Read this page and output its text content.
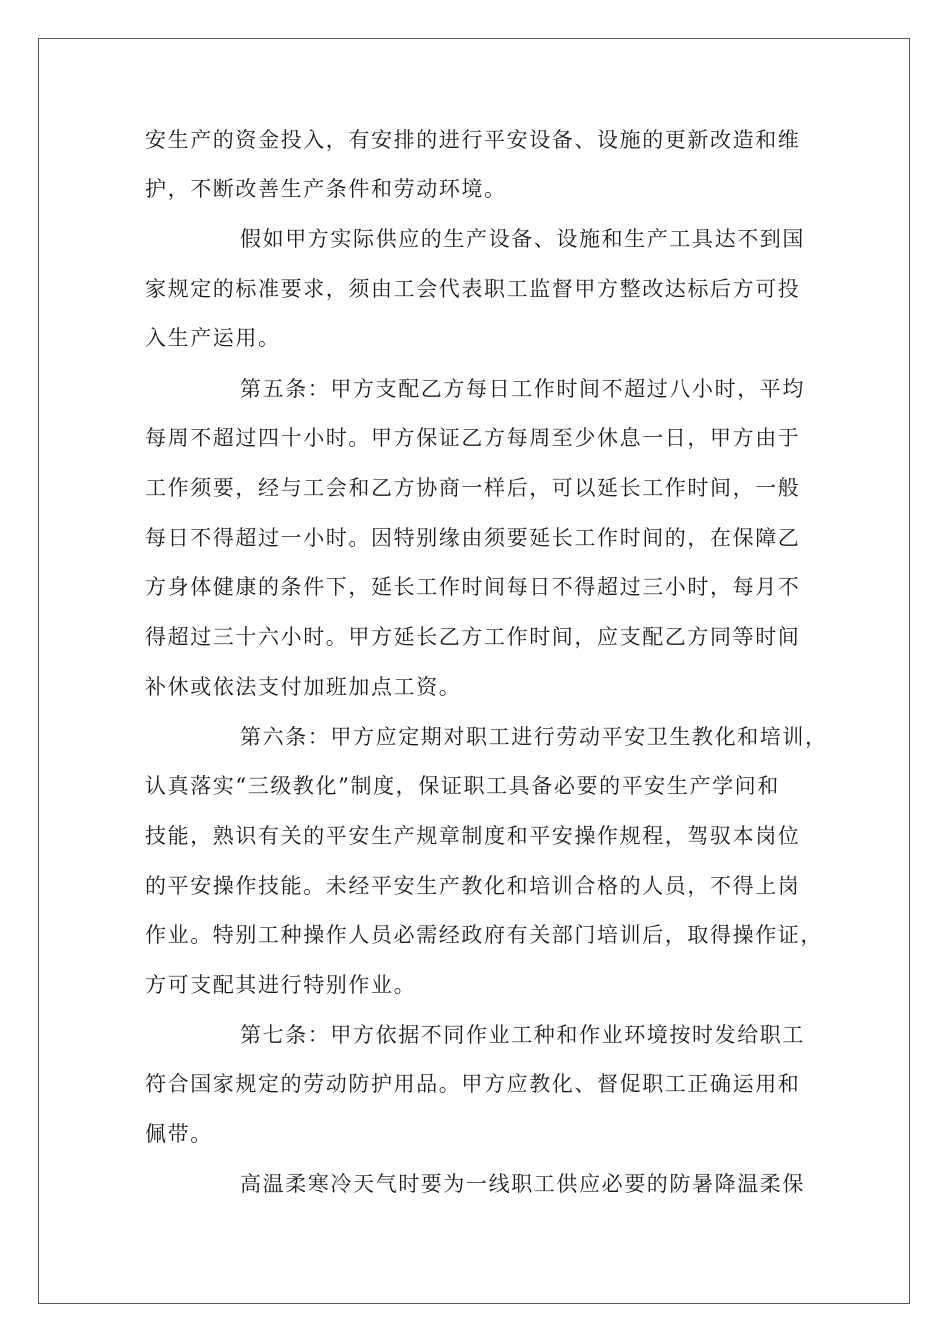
安生产的资金投入，有安排的进行平安设备、设施的更新改造和维
护，不断改善生产条件和劳动环境。
假如甲方实际供应的生产设备、设施和生产工具达不到国
家规定的标准要求，须由工会代表职工监督甲方整改达标后方可投
入生产运用。
第五条：甲方支配乙方每日工作时间不超过八小时，平均
每周不超过四十小时。甲方保证乙方每周至少休息一日，甲方由于
工作须要，经与工会和乙方协商一样后，可以延长工作时间，一般
每日不得超过一小时。因特别缘由须要延长工作时间的，在保障乙
方身体健康的条件下，延长工作时间每日不得超过三小时，每月不
得超过三十六小时。甲方延长乙方工作时间，应支配乙方同等时间
补休或依法支付加班加点工资。
第六条：甲方应定期对职工进行劳动平安卫生教化和培训，
认真落实“三级教化”制度，保证职工具备必要的平安生产学问和
技能，熟识有关的平安生产规章制度和平安操作规程，驾驭本岗位
的平安操作技能。未经平安生产教化和培训合格的人员，不得上岗
作业。特别工种操作人员必需经政府有关部门培训后，取得操作证，
方可支配其进行特别作业。
第七条：甲方依据不同作业工种和作业环境按时发给职工
符合国家规定的劳动防护用品。甲方应教化、督促职工正确运用和
佩带。
高温柔寒冷天气时要为一线职工供应必要的防暑降温柔保
